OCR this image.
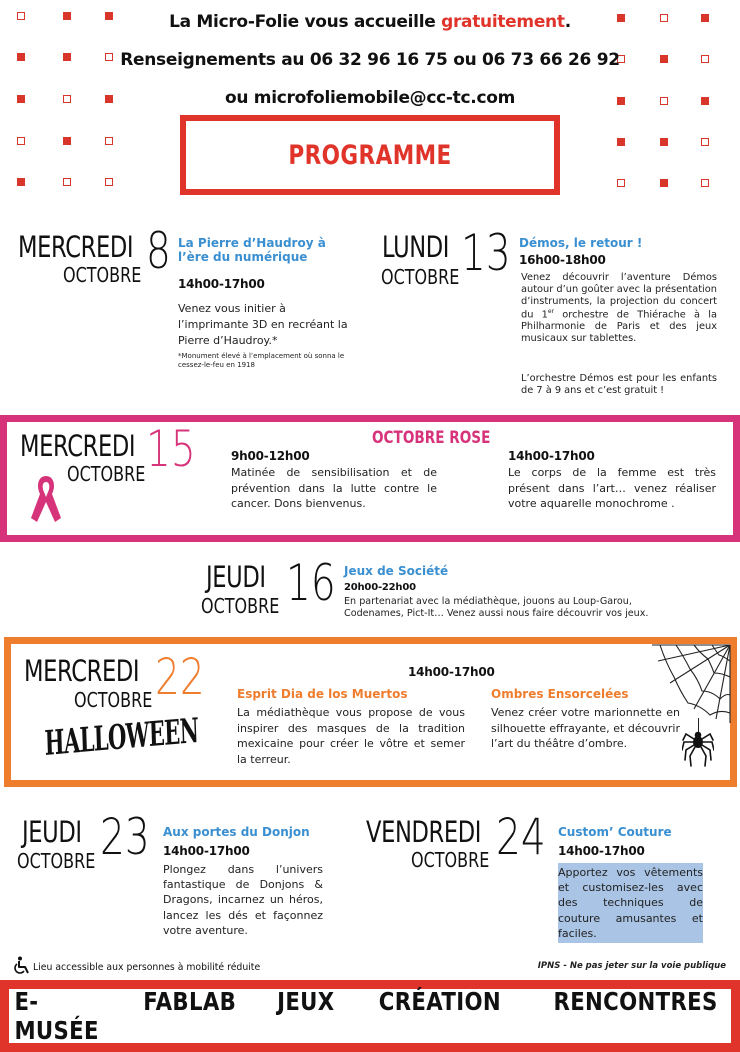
La Micro-Folie vous accueille gratuitement.
Renseignements au 06 32 96 16 75 ou 06 73 66 26 92
ou microfoliemobile@cc-tc.com
PROGRAMME
MERCREDI
OCTOBRE 8 La Pierre d’Haudroy à l’ère du numérique
14h00-17h00
Venez vous initier à l’imprimante 3D en recréant la Pierre d’Haudroy.*
*Monument élevé à l’emplacement où sonna le cessez-le-feu en 1918
LUNDI
OCTOBRE 13 Démos, le retour !
16h00-18h00
Venez découvrir l’aventure Démos autour d’un goûter avec la présentation d’instruments, la projection du concert du 1er orchestre de Thiérache à la Philharmonie de Paris et des jeux musicaux sur tablettes.
L’orchestre Démos est pour les enfants de 7 à 9 ans et c’est gratuit !
MERCREDI
OCTOBRE 15	OCTOBRE ROSE
9h00-12h00
Matinée de sensibilisation et de prévention dans la lutte contre le cancer. Dons bienvenus.
14h00-17h00
Le corps de la femme est très présent dans l’art… venez réaliser votre aquarelle monochrome .
JEUDI
OCTOBRE 16 Jeux de Société
20h00-22h00
En partenariat avec la médiathèque, jouons au Loup-Garou, Codenames, Pict-It… Venez aussi nous faire découvrir vos jeux.
MERCREDI
OCTOBRE 22
HALLOWEEN
14h00-17h00
Esprit Dia de los Muertos
La médiathèque vous propose de vous inspirer des masques de la tradition mexicaine pour créer le vôtre et semer la terreur.
Ombres Ensorcelées
Venez créer votre marionnette en silhouette effrayante, et découvrir l’art du théâtre d’ombre.
JEUDI
OCTOBRE 23 Aux portes du Donjon
14h00-17h00
Plongez dans l’univers fantastique de Donjons & Dragons, incarnez un héros, lancez les dés et façonnez votre aventure.
VENDREDI
OCTOBRE 24 Custom’ Couture
14h00-17h00
Apportez vos vêtements et customisez-les avec des techniques de couture amusantes et faciles.
Lieu accessible aux personnes à mobilité réduite	IPNS - Ne pas jeter sur la voie publique
E- MUSÉE
FABLAB JEUX CRÉATION RENCONTRES
